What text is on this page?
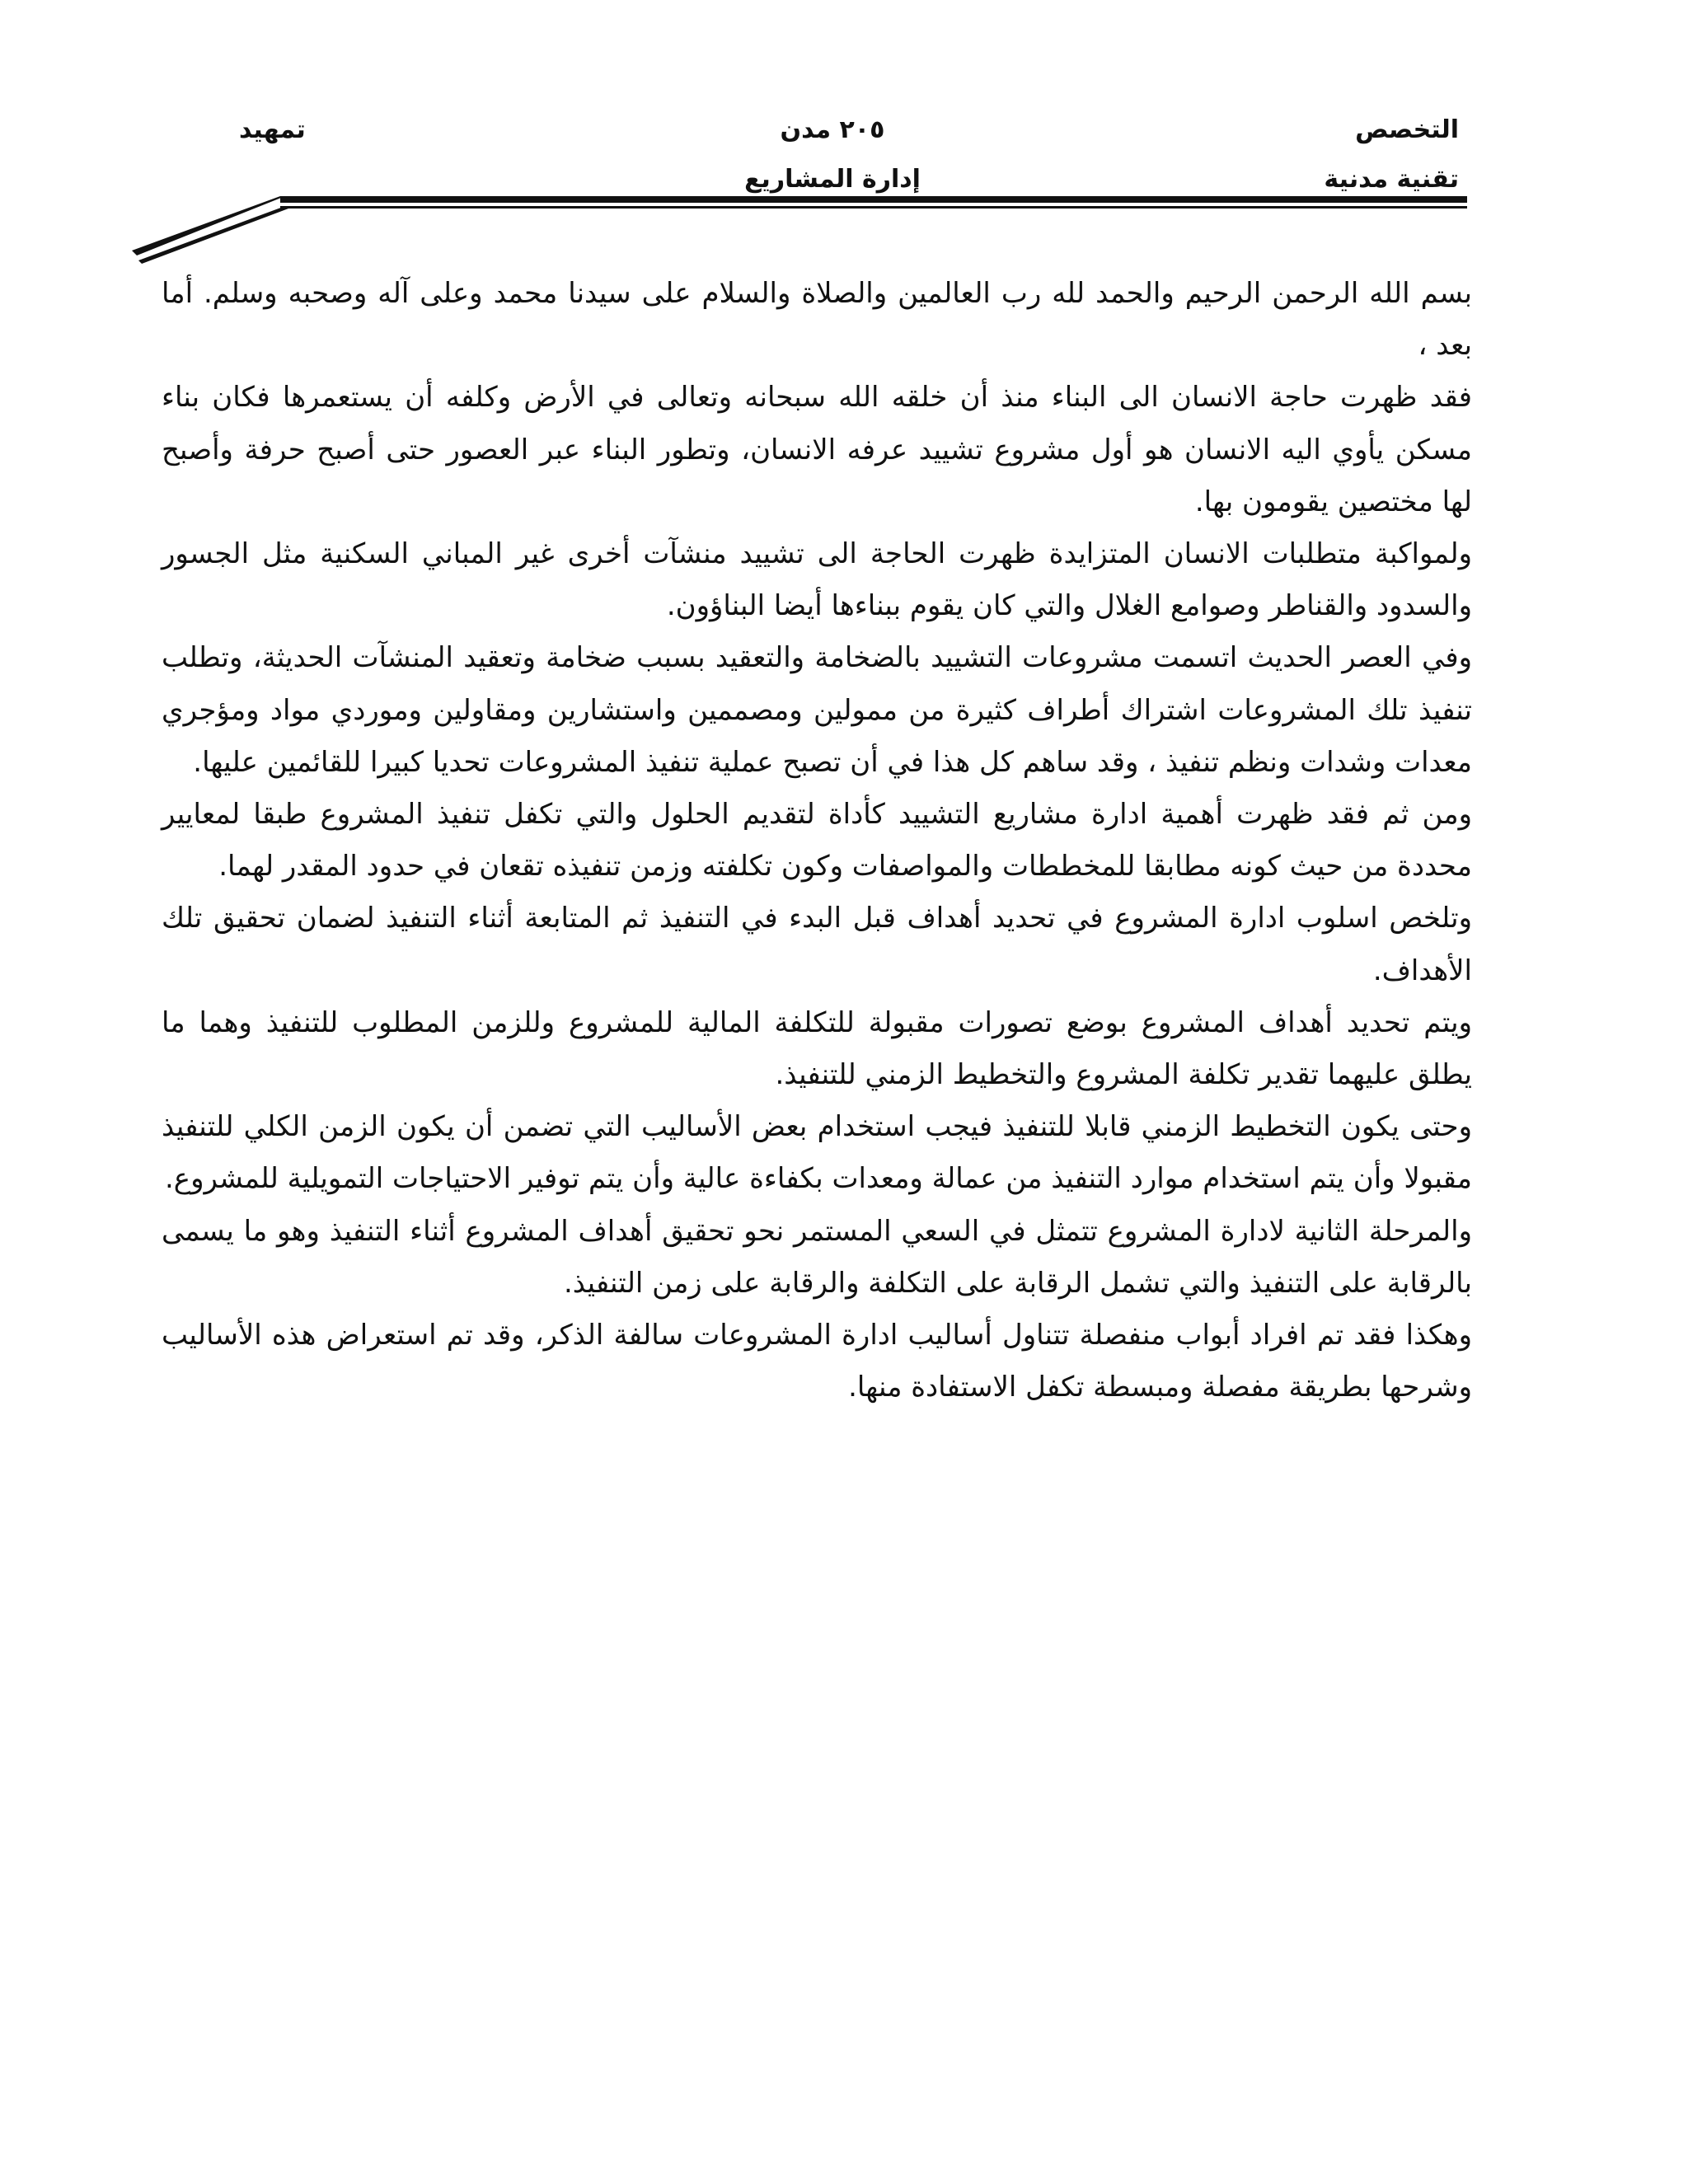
التخصص
تقنية مدنية
٢٠٥ مدن
إدارة المشاريع
تمهيد

بسم الله الرحمن الرحيم والحمد لله رب العالمين والصلاة والسلام على سيدنا محمد وعلى آله وصحبه وسلم. أما بعد ،

فقد ظهرت حاجة الانسان الى البناء منذ أن خلقه الله سبحانه وتعالى في الأرض وكلفه أن يستعمرها فكان بناء مسكن يأوي اليه الانسان هو أول مشروع تشييد عرفه الانسان، وتطور البناء عبر العصور حتى أصبح حرفة وأصبح لها مختصين يقومون بها.

ولمواكبة متطلبات الانسان المتزايدة ظهرت الحاجة الى تشييد منشآت أخرى غير المباني السكنية مثل الجسور والسدود والقناطر وصوامع الغلال والتي كان يقوم ببناءها أيضا البناؤون.

وفي العصر الحديث اتسمت مشروعات التشييد بالضخامة والتعقيد بسبب ضخامة وتعقيد المنشآت الحديثة، وتطلب تنفيذ تلك المشروعات اشتراك أطراف كثيرة من ممولين ومصممين واستشارين ومقاولين وموردي مواد ومؤجري معدات وشدات ونظم تنفيذ ، وقد ساهم كل هذا في أن تصبح عملية تنفيذ المشروعات تحديا كبيرا للقائمين عليها.

ومن ثم فقد ظهرت أهمية ادارة مشاريع التشييد كأداة لتقديم الحلول والتي تكفل تنفيذ المشروع طبقا لمعايير محددة من حيث كونه مطابقا للمخططات والمواصفات وكون تكلفته وزمن تنفيذه تقعان في حدود المقدر لهما.

وتلخص اسلوب ادارة المشروع في تحديد أهداف قبل البدء في التنفيذ ثم المتابعة أثناء التنفيذ لضمان تحقيق تلك الأهداف.

ويتم تحديد أهداف المشروع بوضع تصورات مقبولة للتكلفة المالية للمشروع وللزمن المطلوب للتنفيذ وهما ما يطلق عليهما تقدير تكلفة المشروع والتخطيط الزمني للتنفيذ.

وحتى يكون التخطيط الزمني قابلا للتنفيذ فيجب استخدام بعض الأساليب التي تضمن أن يكون الزمن الكلي للتنفيذ مقبولا وأن يتم استخدام موارد التنفيذ من عمالة ومعدات بكفاءة عالية وأن يتم توفير الاحتياجات التمويلية للمشروع.

والمرحلة الثانية لادارة المشروع تتمثل في السعي المستمر نحو تحقيق أهداف المشروع أثناء التنفيذ وهو ما يسمى بالرقابة على التنفيذ والتي تشمل الرقابة على التكلفة والرقابة على زمن التنفيذ.

وهكذا فقد تم افراد أبواب منفصلة تتناول أساليب ادارة المشروعات سالفة الذكر، وقد تم استعراض هذه الأساليب وشرحها بطريقة مفصلة ومبسطة تكفل الاستفادة منها.
